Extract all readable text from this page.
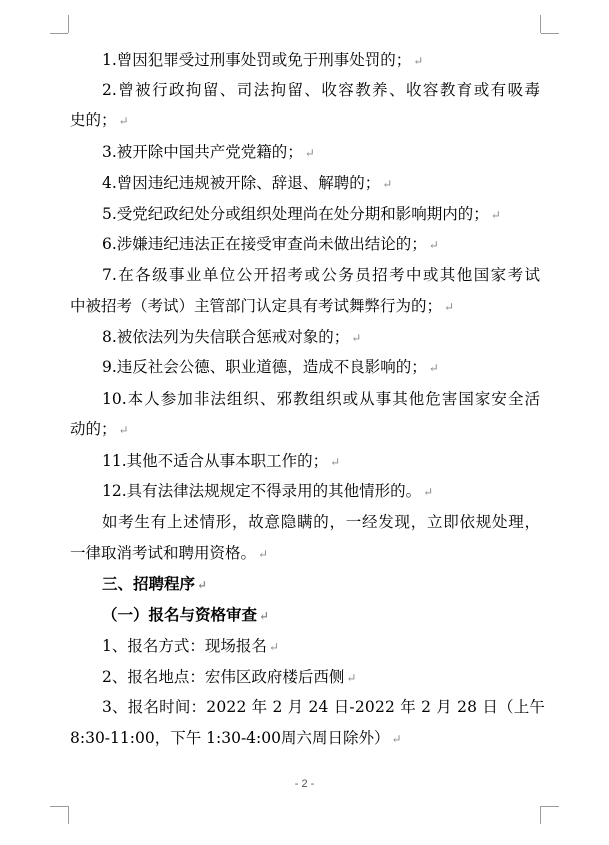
1.曾因犯罪受过刑事处罚或免于刑事处罚的； ↵
2.曾被行政拘留、司法拘留、收容教养、收容教育或有吸毒
史的； ↵
3.被开除中国共产党党籍的； ↵
4.曾因违纪违规被开除、辞退、解聘的； ↵
5.受党纪政纪处分或组织处理尚在处分期和影响期内的； ↵
6.涉嫌违纪违法正在接受审查尚未做出结论的； ↵
7.在各级事业单位公开招考或公务员招考中或其他国家考试
中被招考（考试）主管部门认定具有考试舞弊行为的； ↵
8.被依法列为失信联合惩戒对象的； ↵
9.违反社会公德、职业道德，造成不良影响的； ↵
10.本人参加非法组织、邪教组织或从事其他危害国家安全活
动的； ↵
11.其他不适合从事本职工作的； ↵
12.具有法律法规规定不得录用的其他情形的。 ↵
如考生有上述情形，故意隐瞒的，一经发现，立即依规处理，
一律取消考试和聘用资格。 ↵
三、招聘程序 ↵
（一）报名与资格审查 ↵
1、报名方式：现场报名 ↵
2、报名地点：宏伟区政府楼后西侧 ↵
3、报名时间：2022 年 2 月 24 日-2022 年 2 月 28 日（上午
8:30-11:00，下午 1:30-4:00周六周日除外） ↵
- 2 -
